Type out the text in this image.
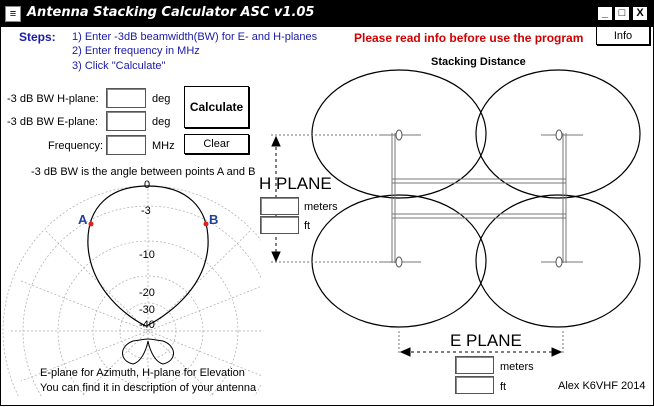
≡ Antenna Stacking Calculator ASC v1.05	_ □	X
Steps: 1) Enter -3dB beamwidth(BW) for E- and H-planes
2) Enter frequency in MHz
3) Click "Calculate"
Please read info before use the program	Info
-3 dB BW H-plane:	deg
-3 dB BW E-plane:	deg
Frequency:	MHz
Calculate
Clear
-3 dB BW is the angle between points A and B
A	B
0
-3
-10
-20
-30
-40
E-plane for Azimuth, H-plane for Elevation
You can find it in description of your antenna
Stacking Distance
H PLANE
meters
ft
E PLANE
meters
ft	Alex K6VHF 2014
